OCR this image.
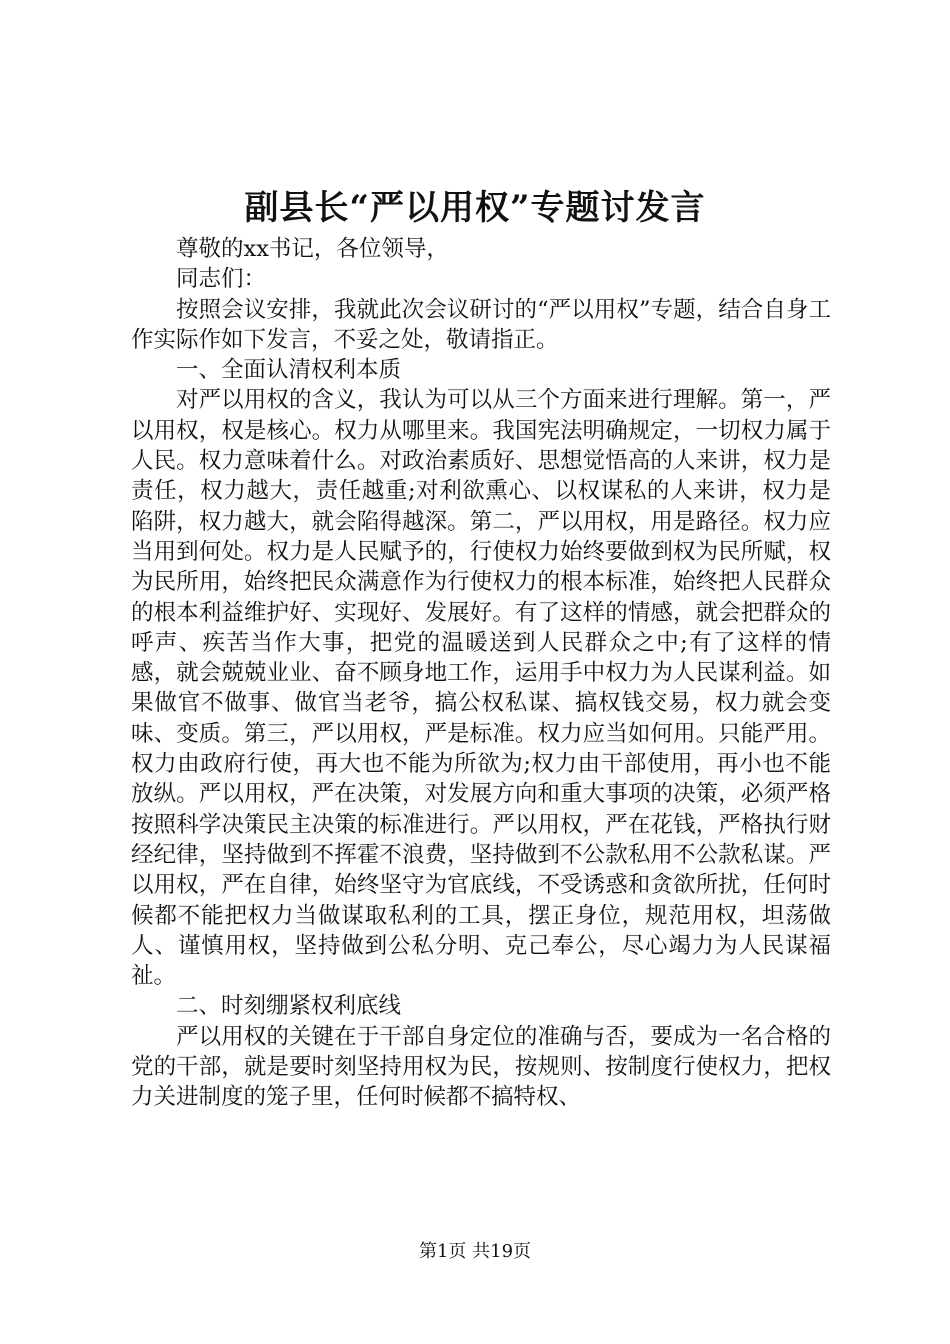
副县长“严以用权”专题讨发言

尊敬的xx书记，各位领导，

同志们：

按照会议安排，我就此次会议研讨的“严以用权”专题，结合自身工作实际作如下发言，不妥之处，敬请指正。

一、全面认清权利本质

对严以用权的含义，我认为可以从三个方面来进行理解。第一，严以用权，权是核心。权力从哪里来。我国宪法明确规定，一切权力属于人民。权力意味着什么。对政治素质好、思想觉悟高的人来讲，权力是责任，权力越大，责任越重;对利欲熏心、以权谋私的人来讲，权力是陷阱，权力越大，就会陷得越深。第二，严以用权，用是路径。权力应当用到何处。权力是人民赋予的，行使权力始终要做到权为民所赋，权为民所用，始终把民众满意作为行使权力的根本标准，始终把人民群众的根本利益维护好、实现好、发展好。有了这样的情感，就会把群众的呼声、疾苦当作大事，把党的温暖送到人民群众之中;有了这样的情感，就会兢兢业业、奋不顾身地工作，运用手中权力为人民谋利益。如果做官不做事、做官当老爷，搞公权私谋、搞权钱交易，权力就会变味、变质。第三，严以用权，严是标准。权力应当如何用。只能严用。权力由政府行使，再大也不能为所欲为;权力由干部使用，再小也不能放纵。严以用权，严在决策，对发展方向和重大事项的决策，必须严格按照科学决策民主决策的标准进行。严以用权，严在花钱，严格执行财经纪律，坚持做到不挥霍不浪费，坚持做到不公款私用不公款私谋。严以用权，严在自律，始终坚守为官底线，不受诱惑和贪欲所扰，任何时候都不能把权力当做谋取私利的工具，摆正身位，规范用权，坦荡做人、谨慎用权，坚持做到公私分明、克己奉公，尽心竭力为人民谋福祉。

二、时刻绷紧权利底线

严以用权的关键在于干部自身定位的准确与否，要成为一名合格的党的干部，就是要时刻坚持用权为民，按规则、按制度行使权力，把权力关进制度的笼子里，任何时候都不搞特权、

第1页 共19页
